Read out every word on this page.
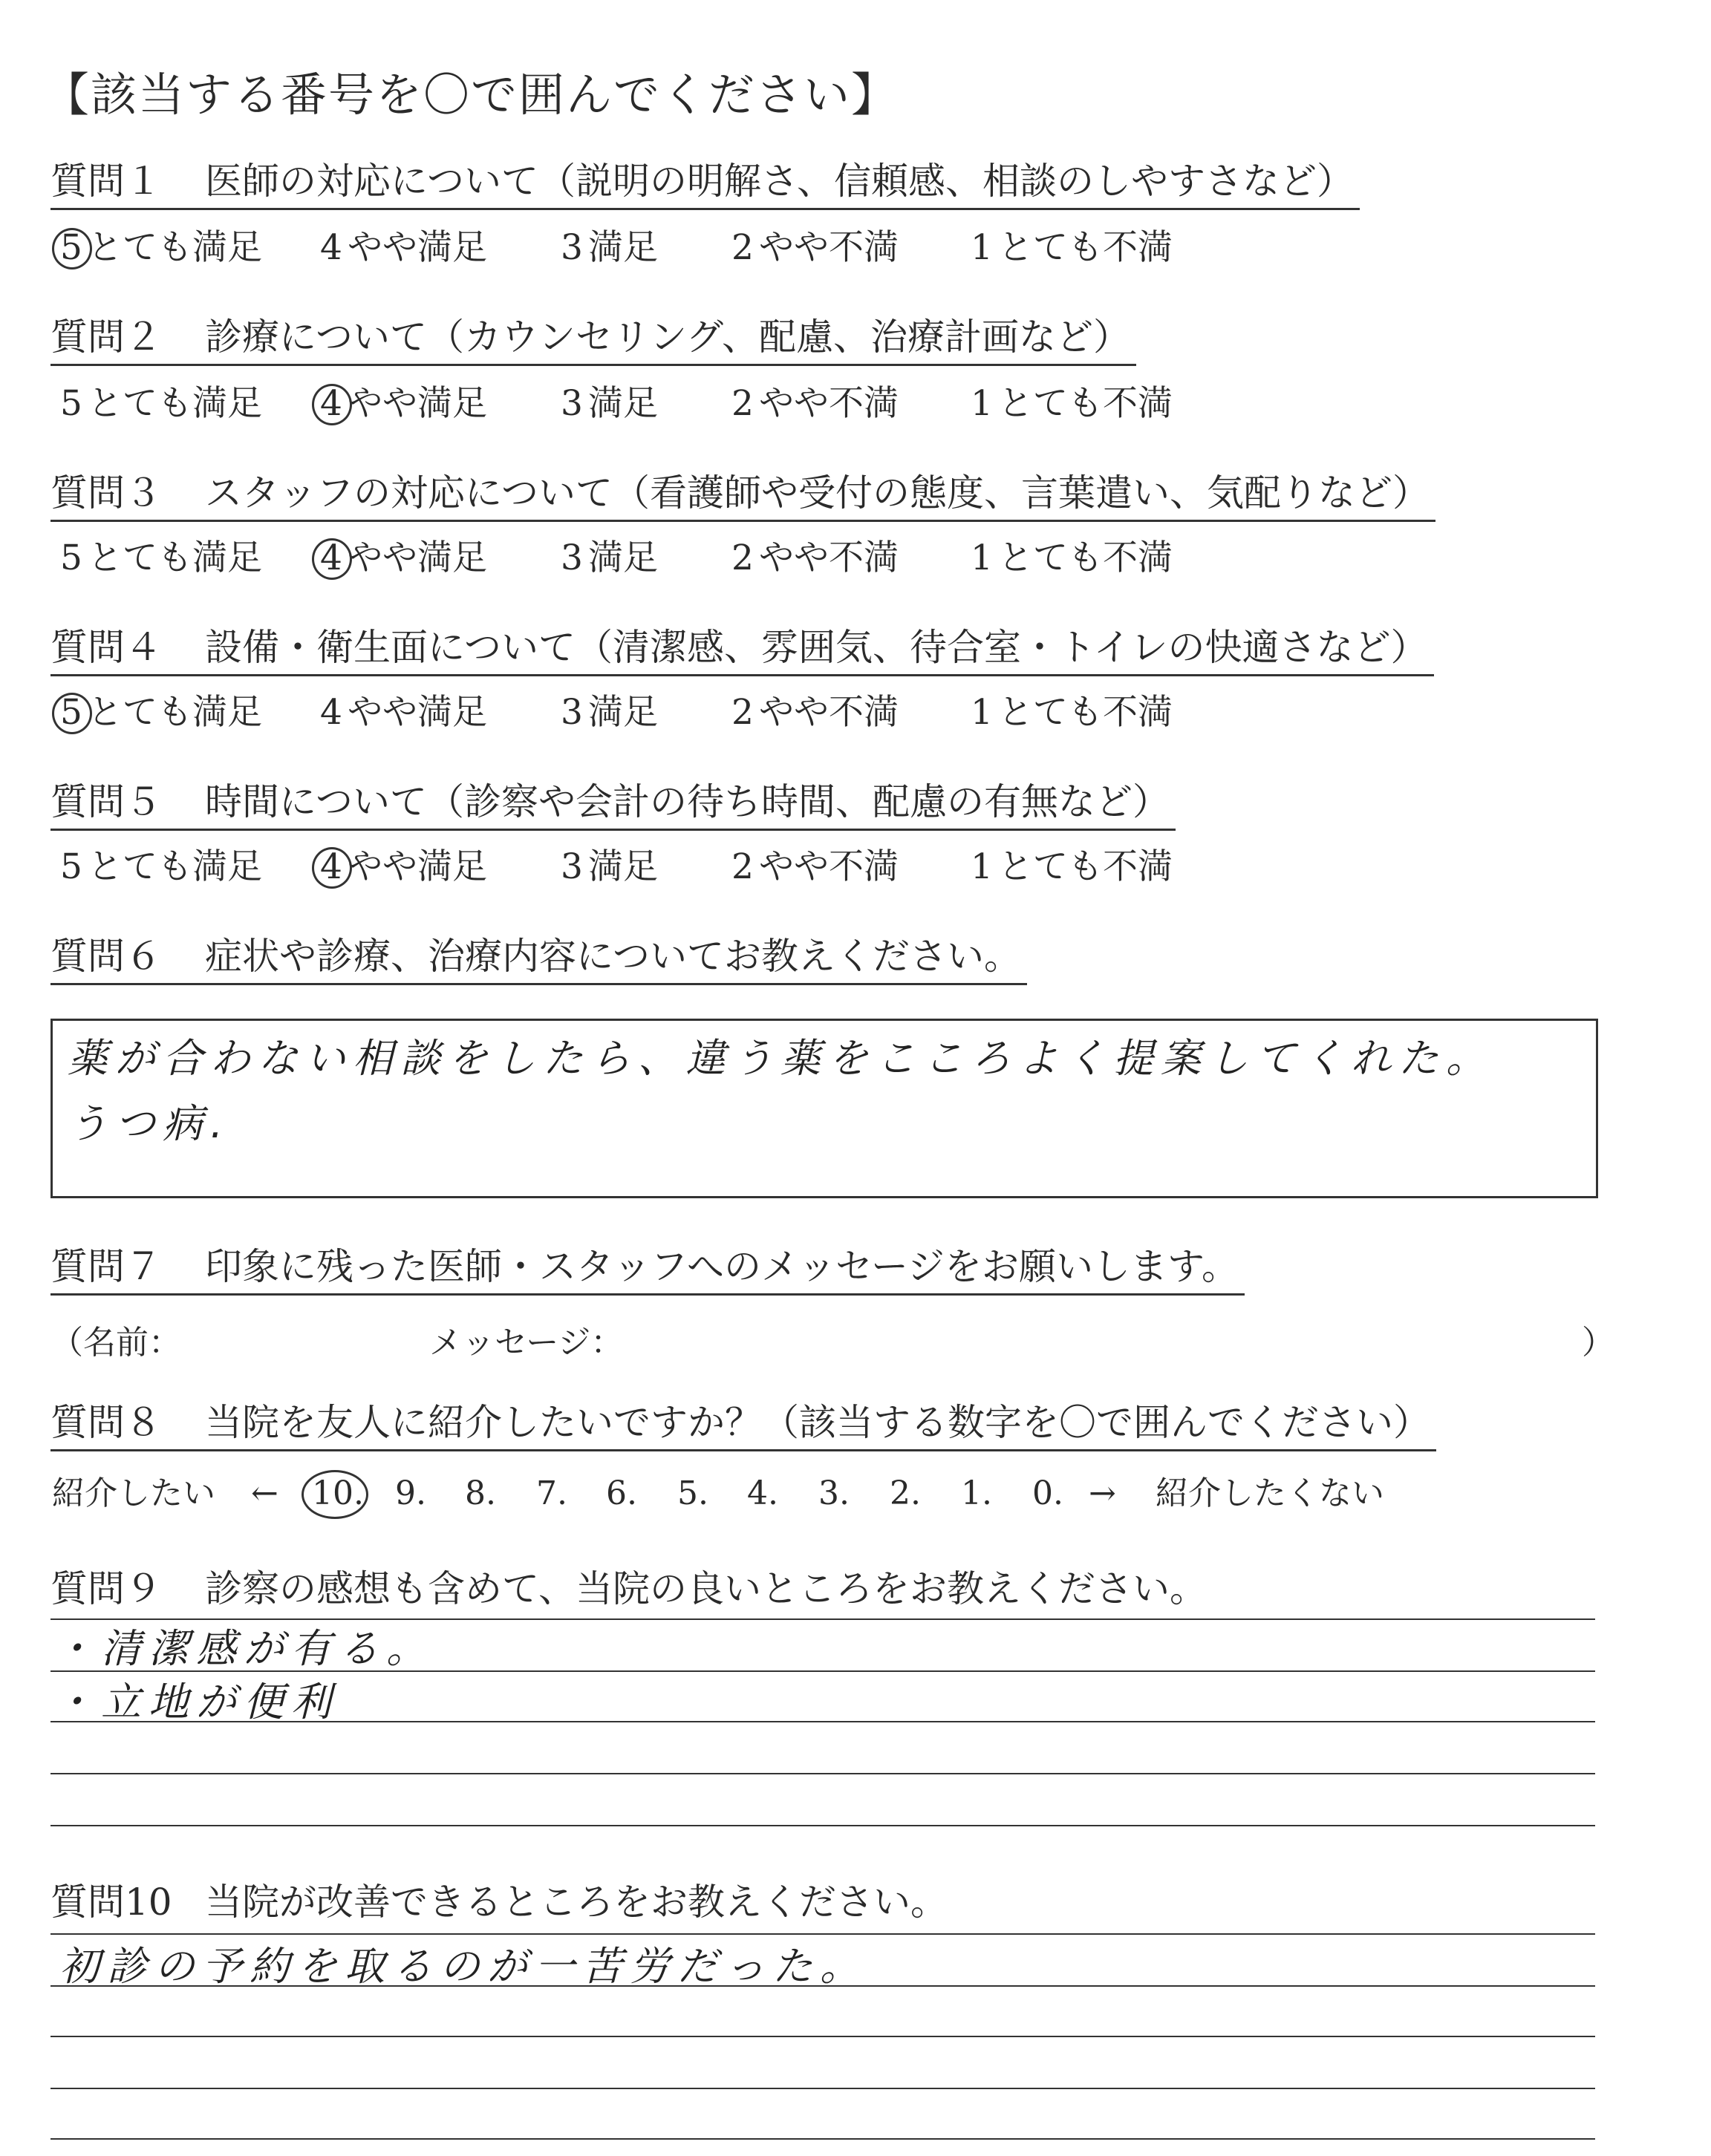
【該当する番号を〇で囲んでください】
質問１ 医師の対応について（説明の明解さ、信頼感、相談のしやすさなど）
5 とても満足 4 やや満足 3 満足 2 やや不満 1 とても不満
質問２ 診療について（カウンセリング、配慮、治療計画など）
5 とても満足 4 やや満足 3 満足 2 やや不満 1 とても不満
質問３ スタッフの対応について（看護師や受付の態度、言葉遣い、気配りなど）
5 とても満足 4 やや満足 3 満足 2 やや不満 1 とても不満
質問４ 設備・衛生面について（清潔感、雰囲気、待合室・トイレの快適さなど）
5 とても満足 4 やや満足 3 満足 2 やや不満 1 とても不満
質問５ 時間について（診察や会計の待ち時間、配慮の有無など）
5 とても満足 4 やや満足 3 満足 2 やや不満 1 とても不満
質問６ 症状や診療、治療内容についてお教えください。
薬が合わない相談をしたら、違う薬をこころよく提案してくれた。
うつ病.
質問７ 印象に残った医師・スタッフへのメッセージをお願いします。
（名前：	メッセージ：	）
質問８ 当院を友人に紹介したいですか？（該当する数字を〇で囲んでください）
紹介したい ← 10. 9. 8. 7. 6. 5. 4. 3. 2. 1. 0. → 紹介したくない
質問９ 診察の感想も含めて、当院の良いところをお教えください。
・清潔感が有る。
・立地が便利
質問10 当院が改善できるところをお教えください。
初診の予約を取るのが一苦労だった。
